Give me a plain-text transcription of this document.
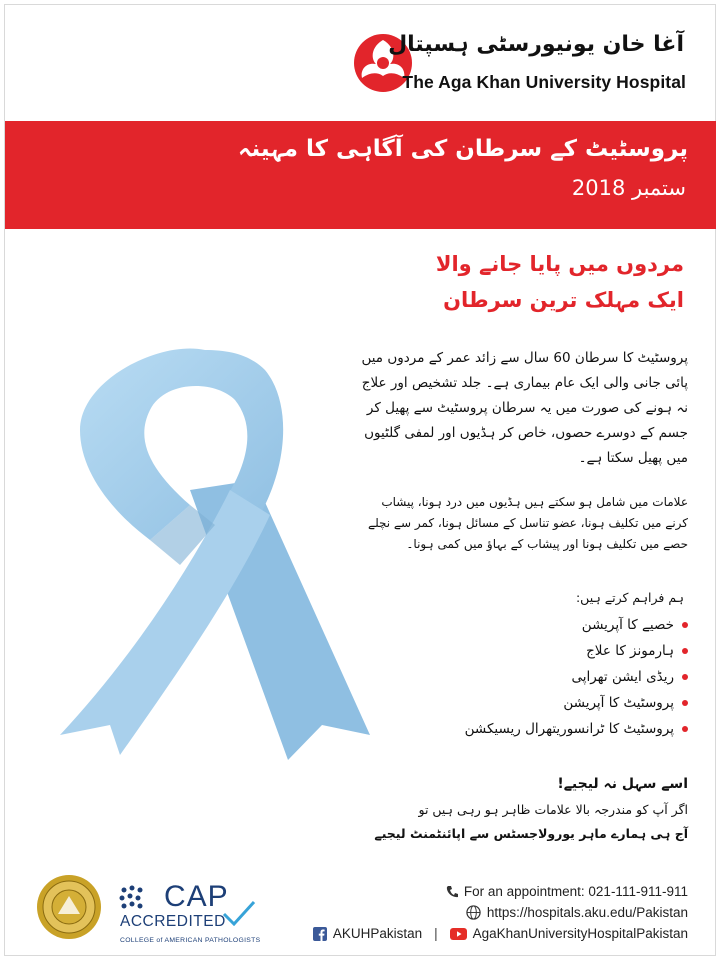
آغا خان یونیورسٹی ہسپتال
The Aga Khan University Hospital
پروسٹیٹ کے سرطان کی آگاہی کا مہینہ
ستمبر 2018
مردوں میں پایا جانے والا
ایک مہلک ترین سرطان
پروسٹیٹ کا سرطان 60 سال سے زائد عمر کے مردوں میں پائی جانی والی ایک عام بیماری ہے۔ جلد تشخیص اور علاج نہ ہونے کی صورت میں یہ سرطان پروسٹیٹ سے پھیل کر جسم کے دوسرے حصوں، خاص کر ہڈیوں اور لمفی گلٹیوں میں پھیل سکتا ہے۔
علامات میں شامل ہو سکتے ہیں ہڈیوں میں درد ہونا، پیشاب کرنے میں تکلیف ہونا، عضو تناسل کے مسائل ہونا، کمر سے نچلے حصے میں تکلیف ہونا اور پیشاب کے بہاؤ میں کمی ہونا۔
ہم فراہم کرتے ہیں:
خصیے کا آپریشن
ہارمونز کا علاج
ریڈی ایشن تھراپی
پروسٹیٹ کا آپریشن
پروسٹیٹ کا ٹرانسوریتھرال ریسیکشن
اسے سہل نہ لیجیے!
اگر آپ کو مندرجہ بالا علامات ظاہر ہو رہی ہیں تو
آج ہی ہمارے ماہر یورولاجسٹس سے اپائنٹمنٹ لیجیے
CAP
ACCREDITED
COLLEGE of AMERICAN PATHOLOGISTS
For an appointment: 021-111-911-911
https://hospitals.aku.edu/Pakistan
AKUHPakistan |	AgaKhanUniversityHospitalPakistan
